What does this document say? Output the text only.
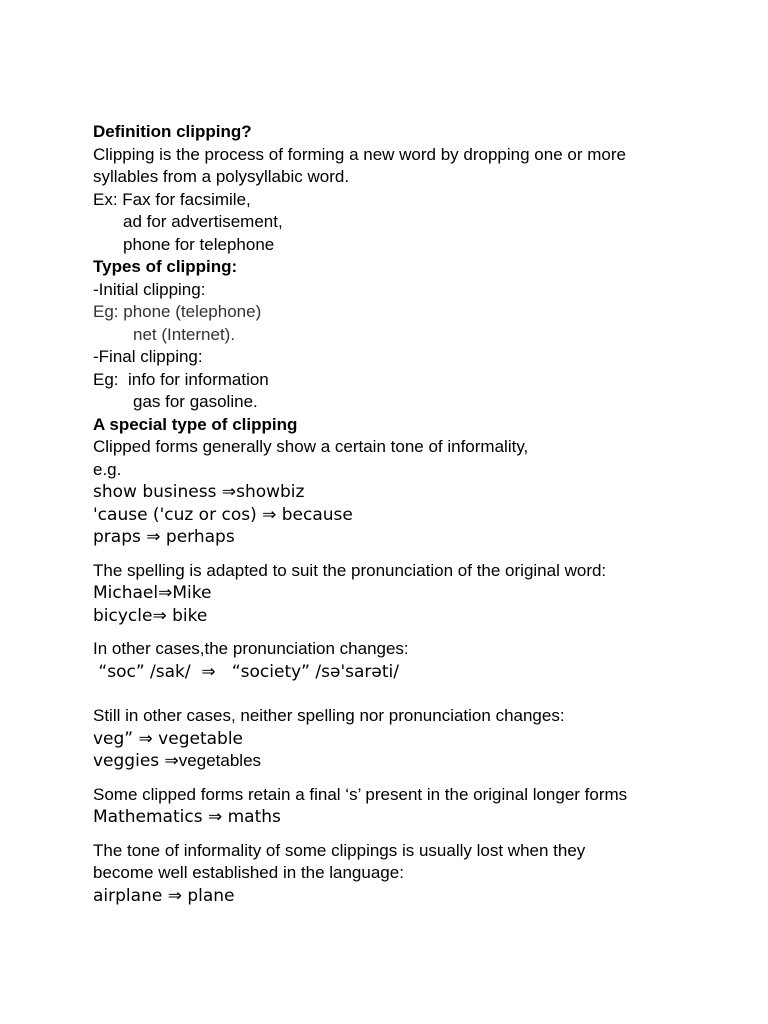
Definition clipping?
Clipping is the process of forming a new word by dropping one or more
syllables from a polysyllabic word.
Ex: Fax for facsimile,
ad for advertisement,
phone for telephone
Types of clipping:
-Initial clipping:
Eg: phone (telephone)
net (Internet).
-Final clipping:
Eg:  info for information
gas for gasoline.
A special type of clipping
Clipped forms generally show a certain tone of informality,
e.g.
show business ⇒showbiz
'cause ('cuz or cos) ⇒ because
praps ⇒ perhaps
The spelling is adapted to suit the pronunciation of the original word:
Michael⇒Mike
bicycle⇒ bike
In other cases,the pronunciation changes:
“soc” /sak/  ⇒   “society” /sə'sarəti/
Still in other cases, neither spelling nor pronunciation changes:
veg” ⇒ vegetable
veggies ⇒vegetables
Some clipped forms retain a final ‘s’ present in the original longer forms
Mathematics ⇒ maths
The tone of informality of some clippings is usually lost when they
become well established in the language:
airplane ⇒ plane
